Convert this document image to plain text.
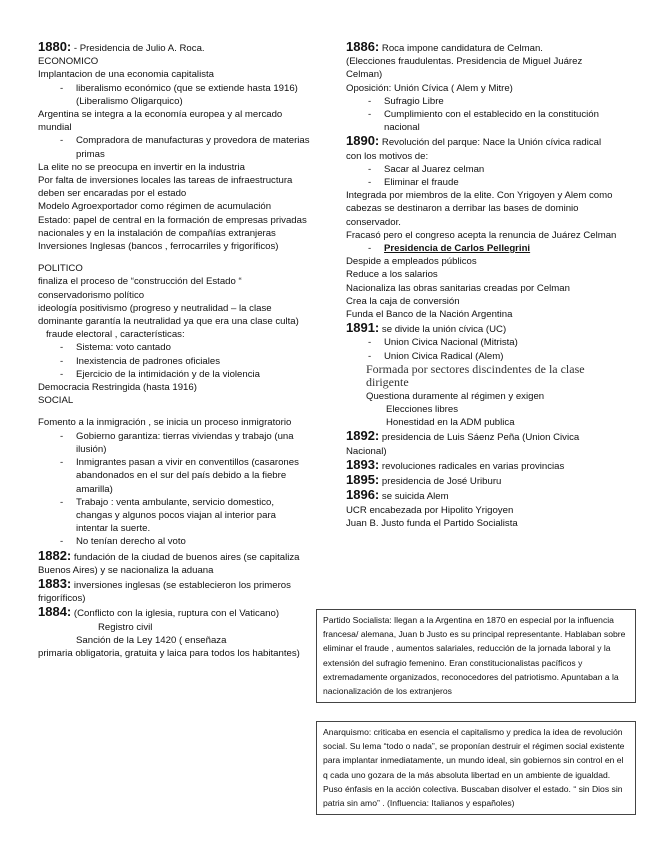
1880: - Presidencia de Julio A. Roca.

ECONOMICO

Implantacion de una economia capitalista

- liberalismo económico (que se extiende hasta 1916) (Liberalismo Oligarquico)

Argentina se integra a la economía europea y al mercado mundial

- Compradora de manufacturas y provedora de materias primas

La elite no se preocupa en invertir en la industria

Por falta de inversiones locales las tareas de infraestructura deben ser encaradas por el estado

Modelo Agroexportador como régimen de acumulación

Estado: papel de central en la formación de empresas privadas nacionales y en la instalación de compañías extranjeras

Inversiones Inglesas (bancos , ferrocarriles y frigoríficos)

POLITICO

finaliza el proceso de “construcción del Estado “

conservadorismo político

ideología positivismo (progreso y neutralidad – la clase dominante garantía la neutralidad ya que era una clase culta)

fraude electoral , características:

- Sistema: voto cantado
- Inexistencia de padrones oficiales
- Ejercicio de la intimidación y de la violencia

Democracia Restringida (hasta 1916)

SOCIAL

Fomento a la inmigración , se inicia un proceso inmigratorio

- Gobierno garantiza: tierras viviendas y trabajo (una ilusión)
- Inmigrantes pasan a vivir en conventillos (casarones abandonados en el sur del país debido a la fiebre amarilla)
- Trabajo : venta ambulante, servicio domestico, changas y algunos pocos viajan al interior para intentar la suerte.
- No tenían derecho al voto

1882: fundación de la ciudad de buenos aires (se capitaliza Buenos Aires) y se nacionaliza la aduana

1883: inversiones inglesas (se establecieron los primeros frigoríficos)

1884: (Conflicto con la iglesia, ruptura con el Vaticano)

Registro civil

Sanción de la Ley 1420 ( enseñaza

primaria obligatoria, gratuita y laica para todos los habitantes)

1886: Roca impone candidatura de Celman.

(Elecciones fraudulentas. Presidencia de Miguel Juárez Celman)

Oposición: Unión Cívica ( Alem y Mitre)

- Sufragio Libre
- Cumplimiento con el establecido en la constitución nacional

1890: Revolución del parque: Nace la Unión cívica radical con los motivos de:

- Sacar al Juarez celman
- Eliminar el fraude

Integrada por miembros de la elite. Con Yrigoyen y Alem como cabezas se destinaron a derribar las bases de dominio conservador.

Fracasó pero el congreso acepta la renuncia de Juárez Celman

- Presidencia de Carlos Pellegrini

Despide a empleados públicos

Reduce a los salarios

Nacionaliza las obras sanitarias creadas por Celman

Crea la caja de conversión

Funda el Banco de la Nación Argentina

1891: se divide la unión cívica (UC)

- Union Civica Nacional (Mitrista)
- Union Civica Radical (Alem)

Formada por sectores discindentes de la clase dirigente

Questiona duramente al régimen y exigen

Elecciones libres

Honestidad en la ADM publica

1892: presidencia de Luis Sáenz Peña (Union Civica Nacional)

1893: revoluciones radicales en varias provincias

1895: presidencia de José Uriburu

1896: se suicida Alem

UCR encabezada por Hipolito Yrigoyen

Juan B. Justo funda el Partido Socialista

Partido Socialista: llegan a la Argentina en 1870 en especial por la influencia francesa/ alemana, Juan b Justo es su principal representante. Hablaban sobre eliminar el fraude , aumentos salariales, reducción de la jornada laboral y la extensión del sufragio femenino. Eran constitucionalistas pacíficos y extremadamente organizados, reconocedores del patriotismo. Apuntaban a la nacionalización de los extranjeros
Anarquismo: criticaba en esencia el capitalismo y predica la idea de revolución social. Su lema “todo o nada”, se proponían destruir el régimen social existente para implantar inmediatamente, un mundo ideal, sin gobiernos sin control en el q cada uno gozara de la más absoluta libertad en un ambiente de igualdad. Puso énfasis en la acción colectiva. Buscaban disolver el estado. “ sin Dios sin patria sin amo” . (Influencia: Italianos y españoles)
